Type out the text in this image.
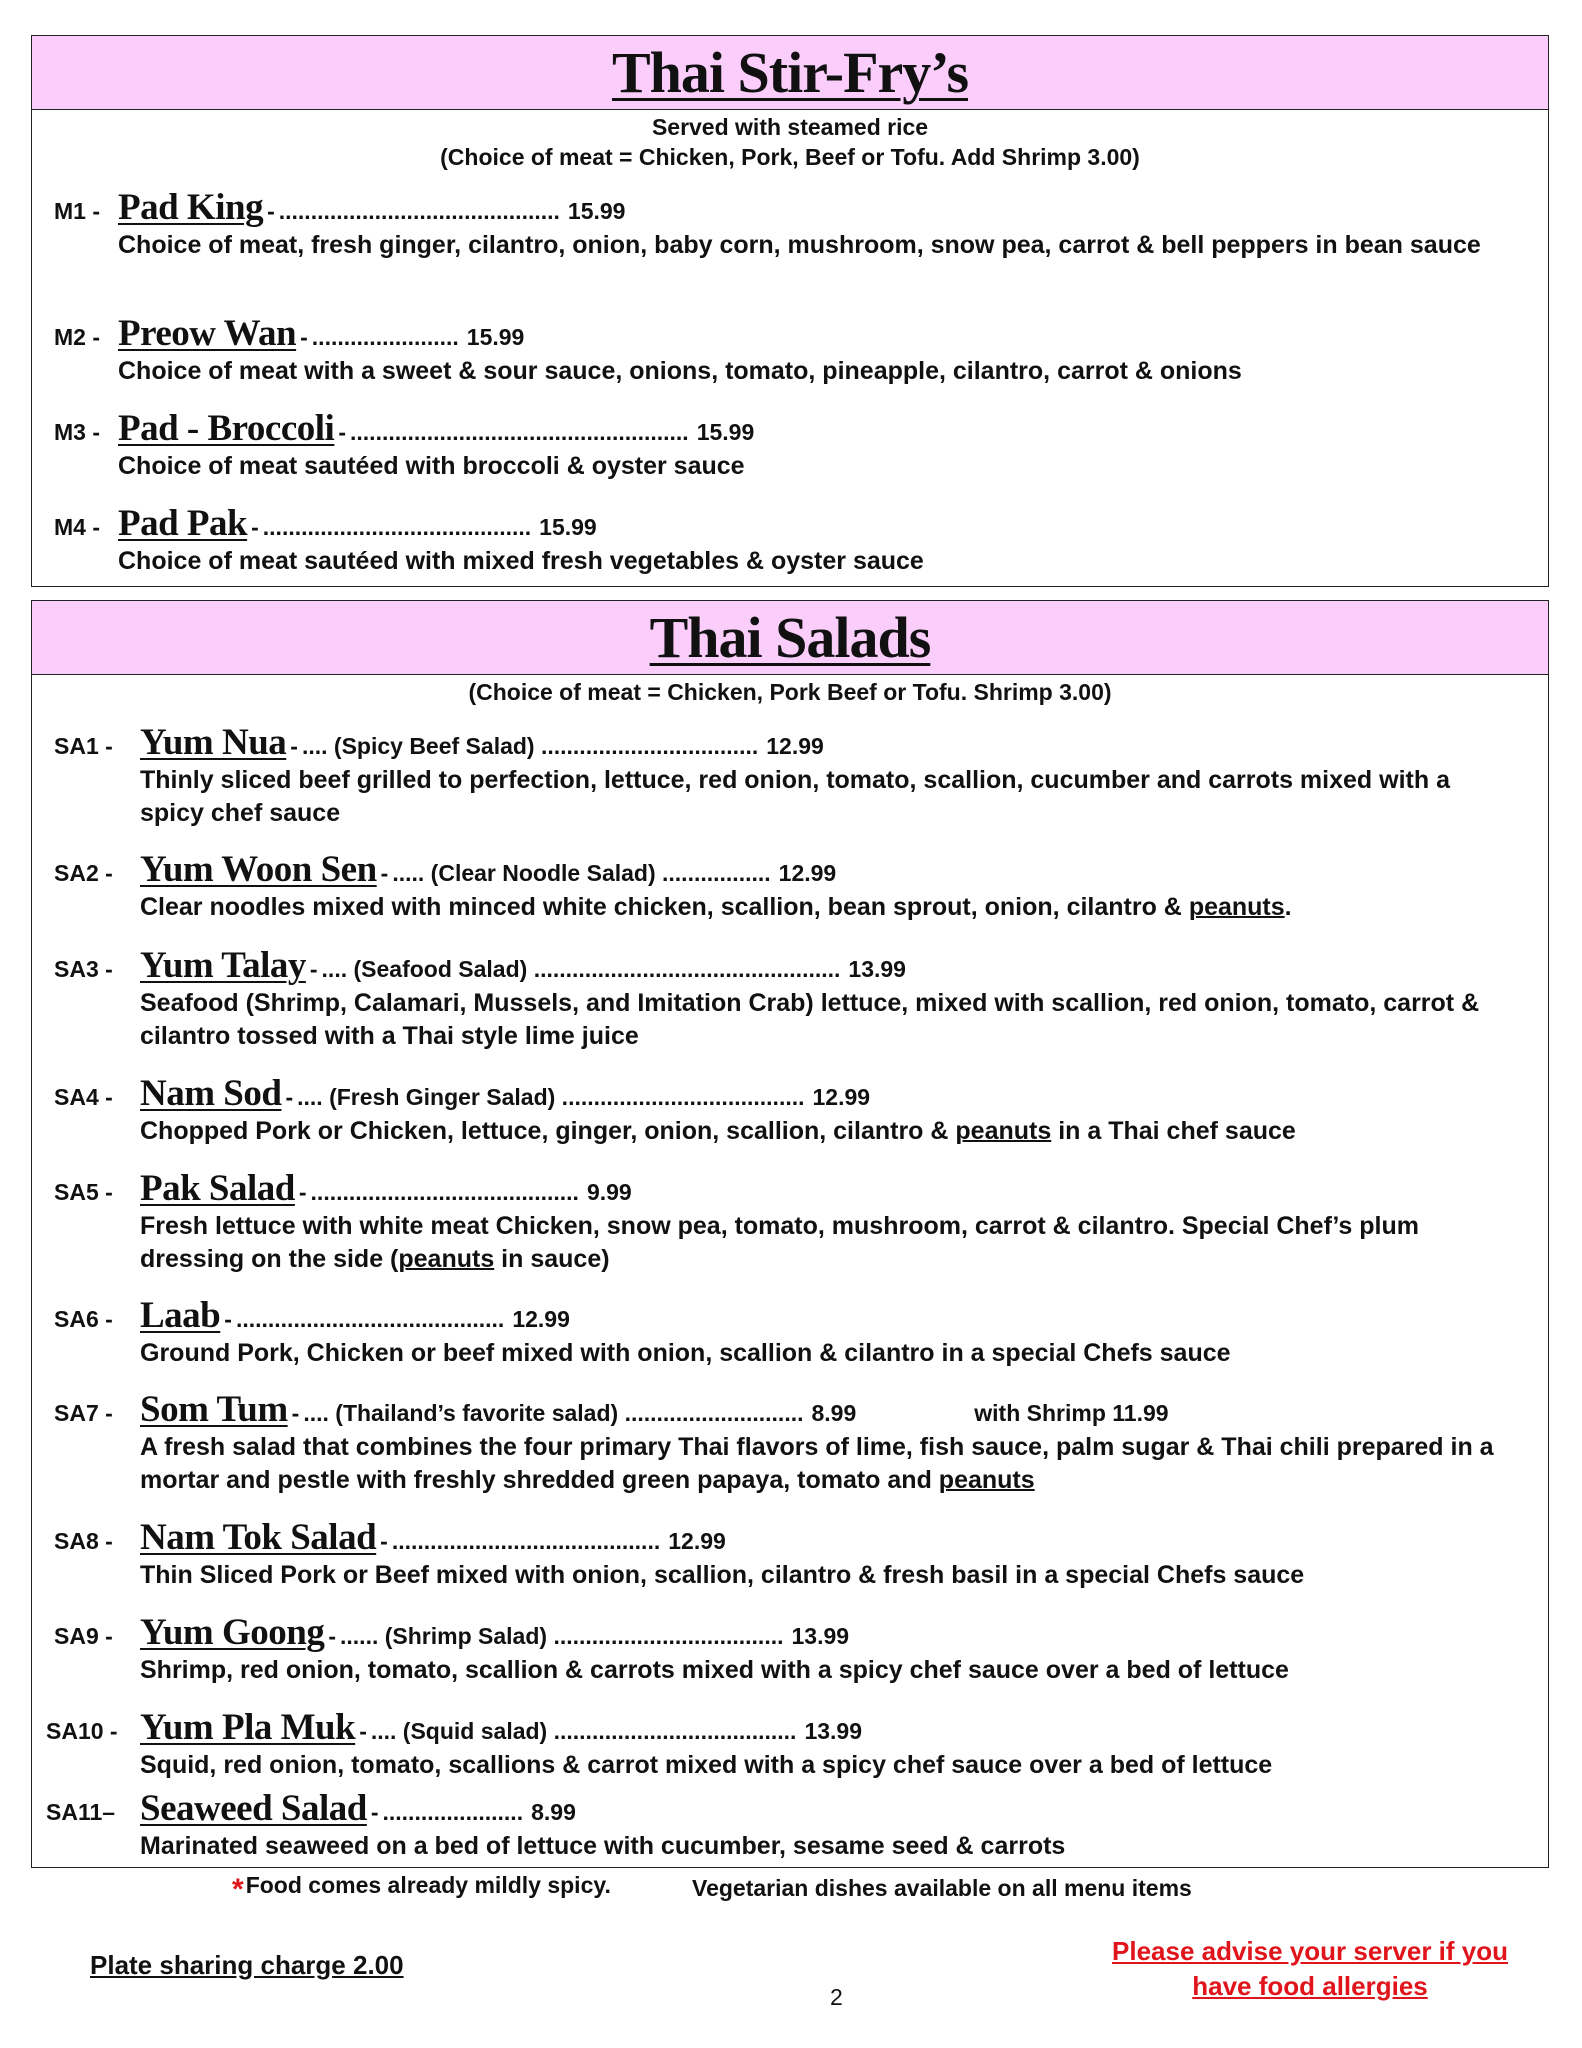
Thai Stir-Fry’s
Served with steamed rice
(Choice of meat = Chicken, Pork, Beef or Tofu. Add Shrimp 3.00)
M1 - Pad King - ............................................ 15.99
Choice of meat, fresh ginger, cilantro, onion, baby corn, mushroom, snow pea, carrot & bell peppers in bean sauce
M2 - Preow Wan - ....................... 15.99
Choice of meat with a sweet & sour sauce, onions, tomato, pineapple, cilantro, carrot & onions
M3 - Pad - Broccoli - ..................................................... 15.99
Choice of meat sautéed with broccoli & oyster sauce
M4 - Pad Pak - .......................................... 15.99
Choice of meat sautéed with mixed fresh vegetables & oyster sauce
Thai Salads
(Choice of meat = Chicken, Pork Beef or Tofu. Shrimp 3.00)
SA1 - Yum Nua - .... (Spicy Beef Salad) .................................. 12.99
Thinly sliced beef grilled to perfection, lettuce, red onion, tomato, scallion, cucumber and carrots mixed with a spicy chef sauce
SA2 - Yum Woon Sen - ..... (Clear Noodle Salad) ................. 12.99
Clear noodles mixed with minced white chicken, scallion, bean sprout, onion, cilantro & peanuts.
SA3 - Yum Talay - .... (Seafood Salad) ................................................ 13.99
Seafood (Shrimp, Calamari, Mussels, and Imitation Crab) lettuce, mixed with scallion, red onion, tomato, carrot & cilantro tossed with a Thai style lime juice
SA4 - Nam Sod - .... (Fresh Ginger Salad) ...................................... 12.99
Chopped Pork or Chicken, lettuce, ginger, onion, scallion, cilantro & peanuts in a Thai chef sauce
SA5 - Pak Salad - .......................................... 9.99
Fresh lettuce with white meat Chicken, snow pea, tomato, mushroom, carrot & cilantro. Special Chef’s plum dressing on the side (peanuts in sauce)
SA6 - Laab - .......................................... 12.99
Ground Pork, Chicken or beef mixed with onion, scallion & cilantro in a special Chefs sauce
SA7 - Som Tum - .... (Thailand’s favorite salad) ............................ 8.99	with Shrimp 11.99
A fresh salad that combines the four primary Thai flavors of lime, fish sauce, palm sugar & Thai chili prepared in a mortar and pestle with freshly shredded green papaya, tomato and peanuts
SA8 - Nam Tok Salad - .......................................... 12.99
Thin Sliced Pork or Beef mixed with onion, scallion, cilantro & fresh basil in a special Chefs sauce
SA9 - Yum Goong - ...... (Shrimp Salad) .................................... 13.99
Shrimp, red onion, tomato, scallion & carrots mixed with a spicy chef sauce over a bed of lettuce
SA10 - Yum Pla Muk - .... (Squid salad) ...................................... 13.99
Squid, red onion, tomato, scallions & carrot mixed with a spicy chef sauce over a bed of lettuce
SA11– Seaweed Salad - ...................... 8.99
Marinated seaweed on a bed of lettuce with cucumber, sesame seed & carrots
*Food comes already mildly spicy.	Vegetarian dishes available on all menu items
Plate sharing charge 2.00	Please advise your server if you
have food allergies
2
